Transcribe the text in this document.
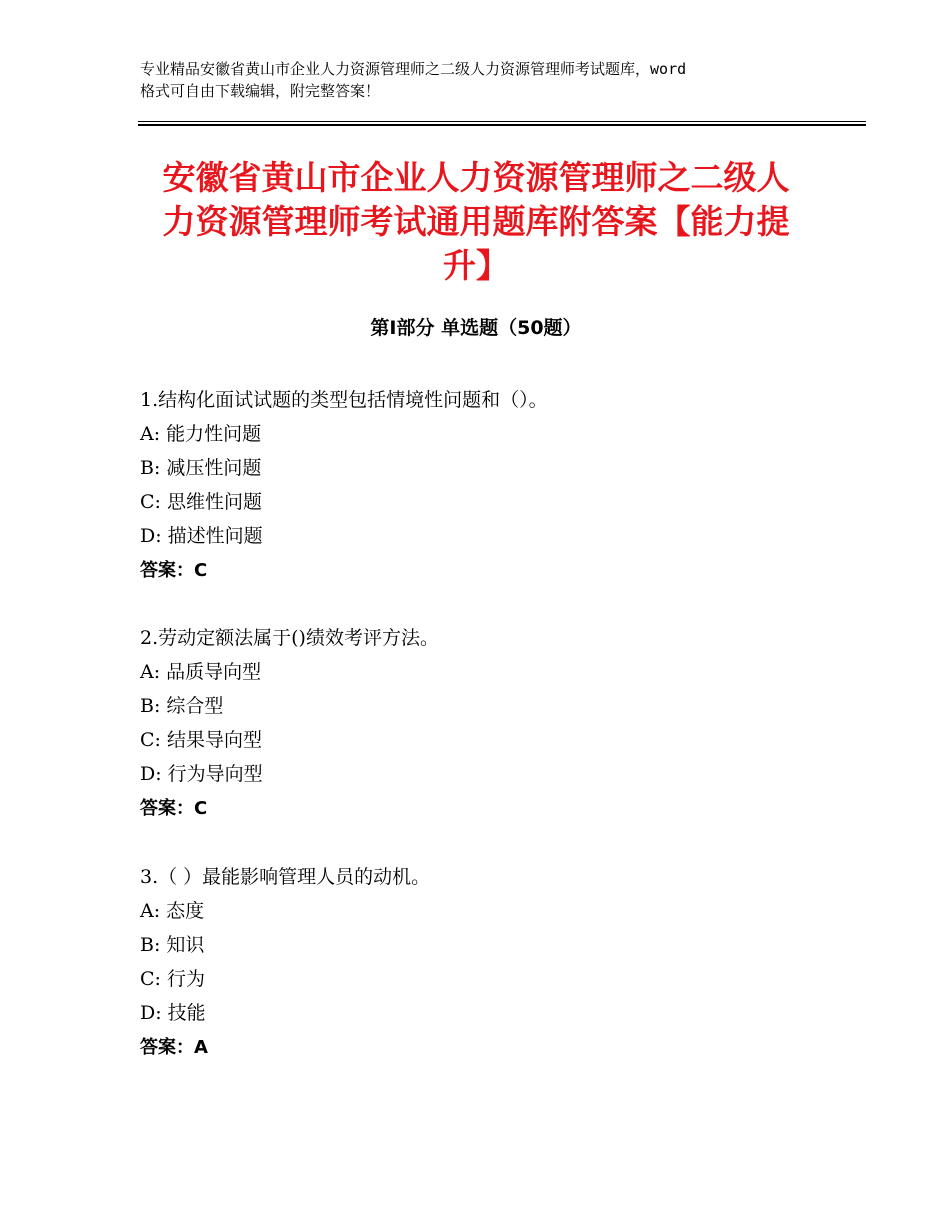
专业精品安徽省黄山市企业人力资源管理师之二级人力资源管理师考试题库，word
格式可自由下载编辑，附完整答案！
安徽省黄山市企业人力资源管理师之二级人
力资源管理师考试通用题库附答案【能力提
升】
第Ⅰ部分 单选题（50题）
1.结构化面试试题的类型包括情境性问题和（）。
A: 能力性问题
B: 减压性问题
C: 思维性问题
D: 描述性问题
答案：C
2.劳动定额法属于()绩效考评方法。
A: 品质导向型
B: 综合型
C: 结果导向型
D: 行为导向型
答案：C
3.（ ）最能影响管理人员的动机。
A: 态度
B: 知识
C: 行为
D: 技能
答案：A
